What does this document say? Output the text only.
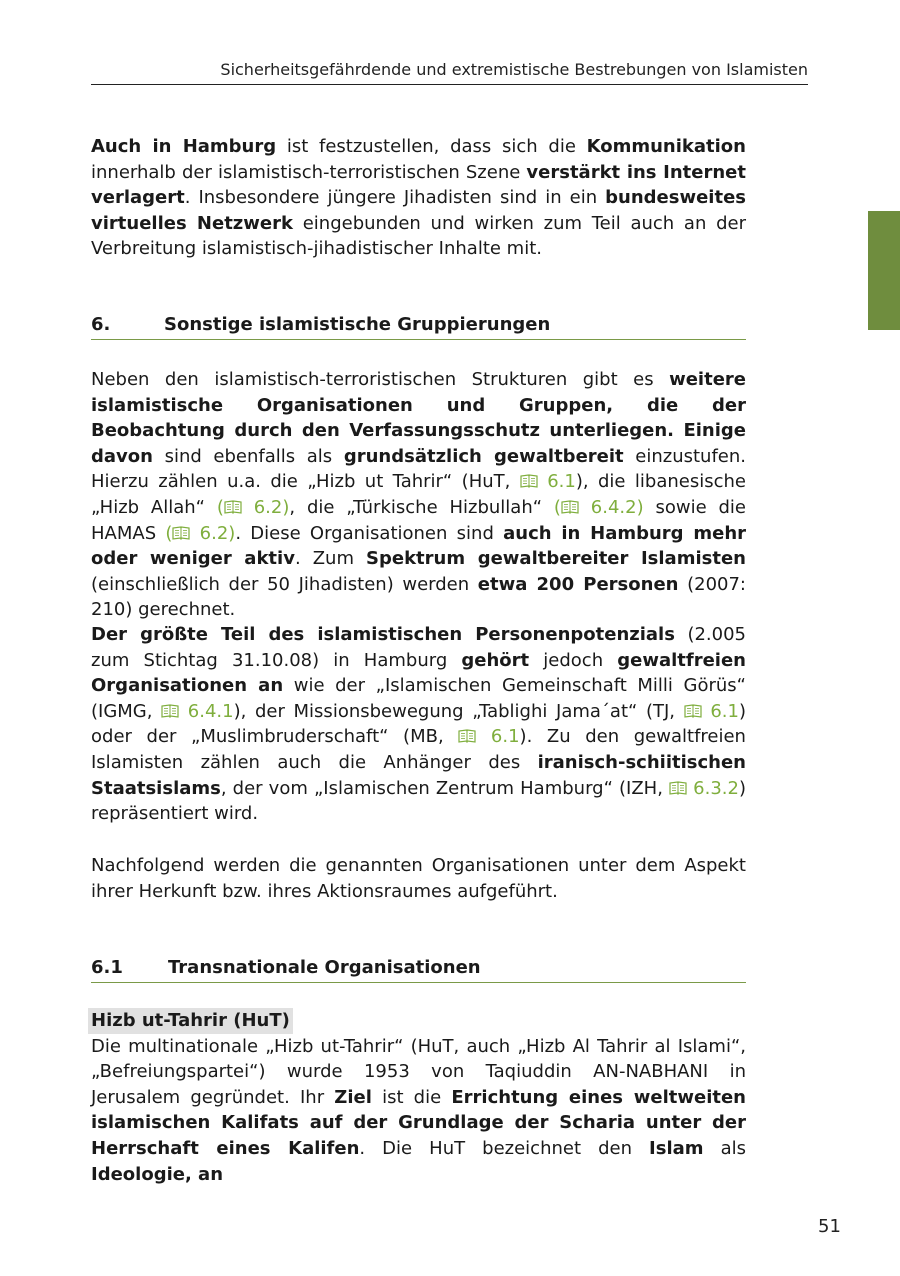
Sicherheitsgefährdende und extremistische Bestrebungen von Islamisten
Auch in Hamburg ist festzustellen, dass sich die Kommunikation innerhalb der islamistisch-terroristischen Szene verstärkt ins Internet verlagert. Insbesondere jüngere Jihadisten sind in ein bundesweites virtuelles Netzwerk eingebunden und wirken zum Teil auch an der Verbreitung islamistisch-jihadistischer Inhalte mit.
6.	Sonstige islamistische Gruppierungen
Neben den islamistisch-terroristischen Strukturen gibt es weitere islamistische Organisationen und Gruppen, die der Beobachtung durch den Verfassungsschutz unterliegen. Einige davon sind ebenfalls als grundsätzlich gewaltbereit einzustufen. Hierzu zählen u.a. die „Hizb ut Tahrir“ (HuT,  6.1), die libanesische „Hizb Allah“ ( 6.2), die „Türkische Hizbullah“ ( 6.4.2) sowie die HAMAS ( 6.2). Diese Organisationen sind auch in Hamburg mehr oder weniger aktiv. Zum Spektrum gewaltbereiter Islamisten (einschließlich der 50 Jihadisten) werden etwa 200 Personen (2007: 210) gerechnet.
Der größte Teil des islamistischen Personenpotenzials (2.005 zum Stichtag 31.10.08) in Hamburg gehört jedoch gewaltfreien Organisationen an wie der „Islamischen Gemeinschaft Milli Görüs“ (IGMG,  6.4.1), der Missionsbewegung „Tablighi Jama´at“ (TJ,  6.1) oder der „Muslimbruderschaft“ (MB,  6.1). Zu den gewaltfreien Islamisten zählen auch die Anhänger des iranisch-schiitischen Staatsislams, der vom „Islamischen Zentrum Hamburg“ (IZH,  6.3.2) repräsentiert wird.
Nachfolgend werden die genannten Organisationen unter dem Aspekt ihrer Herkunft bzw. ihres Aktionsraumes aufgeführt.
6.1	Transnationale Organisationen
Hizb ut-Tahrir (HuT)
Die multinationale „Hizb ut-Tahrir“ (HuT, auch „Hizb Al Tahrir al Islami“, „Befreiungspartei“) wurde 1953 von Taqiuddin AN-NABHANI in Jerusalem gegründet. Ihr Ziel ist die Errichtung eines weltweiten islamischen Kalifats auf der Grundlage der Scharia unter der Herrschaft eines Kalifen. Die HuT bezeichnet den Islam als Ideologie, an
51
